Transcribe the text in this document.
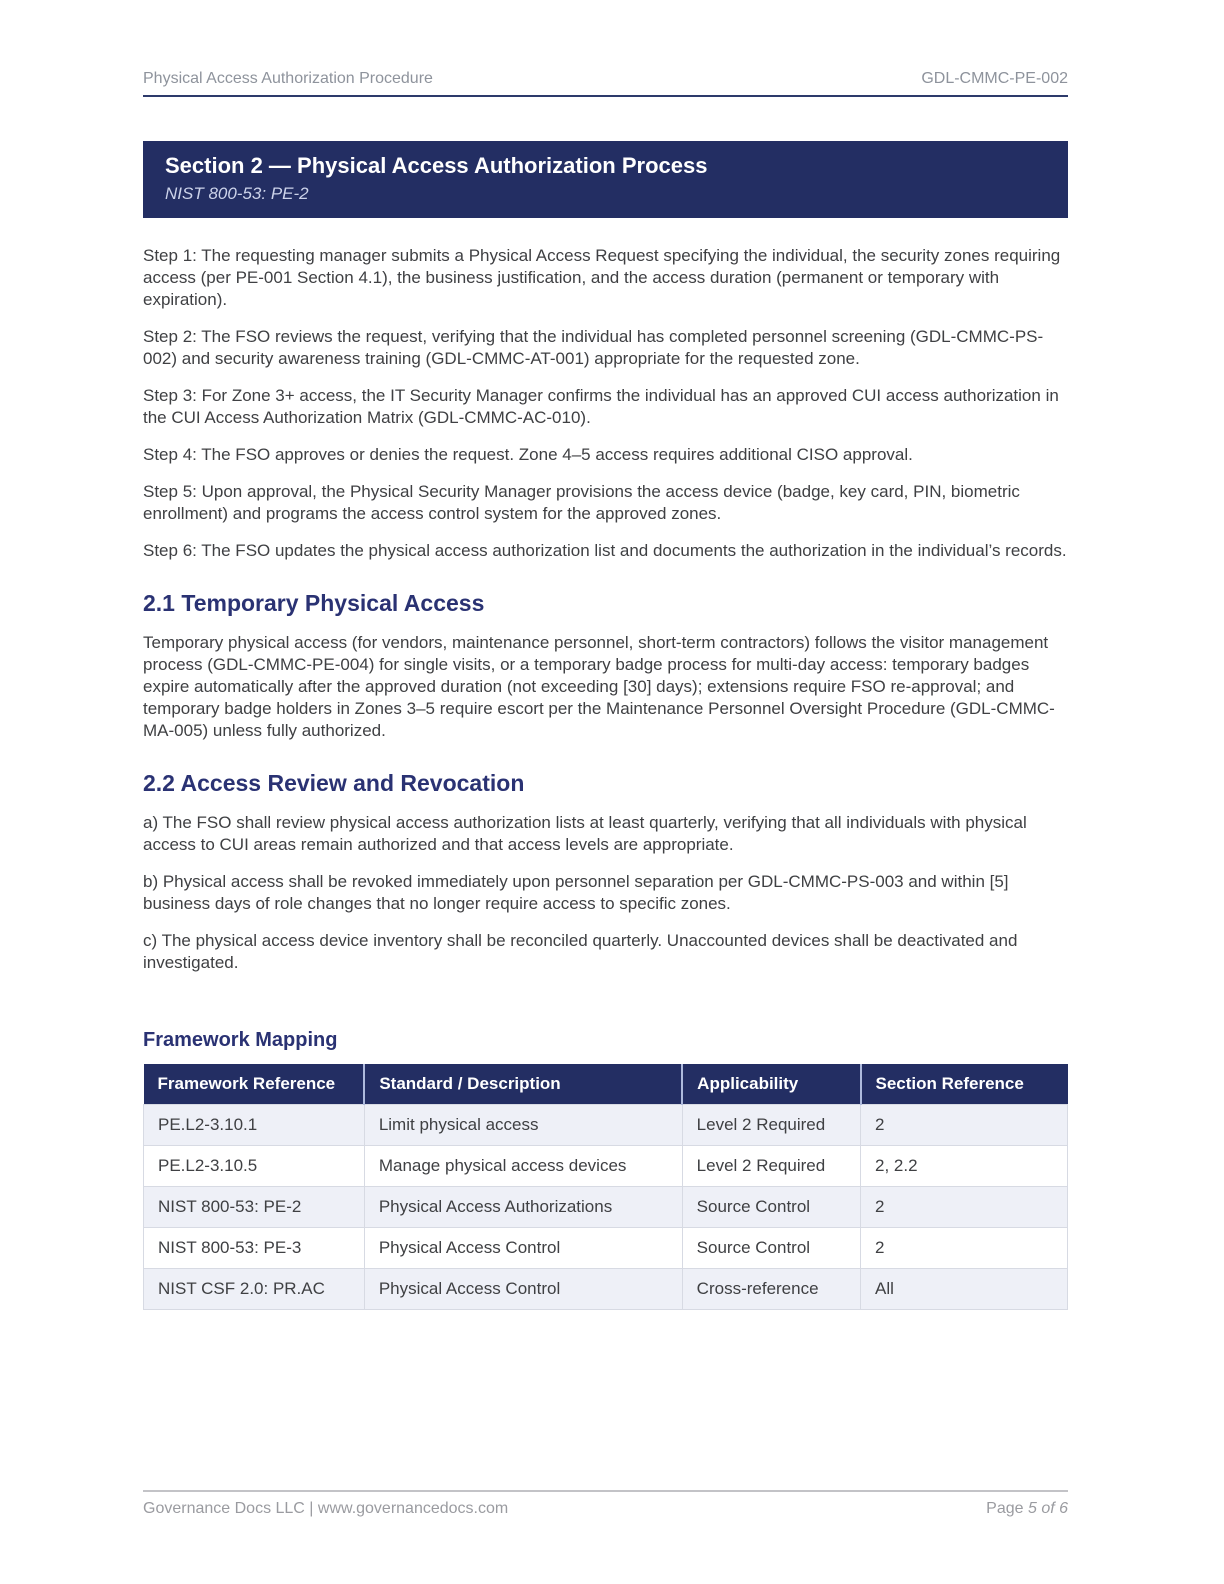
Physical Access Authorization Procedure	GDL-CMMC-PE-002
Section 2 — Physical Access Authorization Process
NIST 800-53: PE-2

Step 1: The requesting manager submits a Physical Access Request specifying the individual, the security zones requiring access (per PE-001 Section 4.1), the business justification, and the access duration (permanent or temporary with expiration).

Step 2: The FSO reviews the request, verifying that the individual has completed personnel screening (GDL-CMMC-PS-002) and security awareness training (GDL-CMMC-AT-001) appropriate for the requested zone.

Step 3: For Zone 3+ access, the IT Security Manager confirms the individual has an approved CUI access authorization in the CUI Access Authorization Matrix (GDL-CMMC-AC-010).

Step 4: The FSO approves or denies the request. Zone 4–5 access requires additional CISO approval.

Step 5: Upon approval, the Physical Security Manager provisions the access device (badge, key card, PIN, biometric enrollment) and programs the access control system for the approved zones.

Step 6: The FSO updates the physical access authorization list and documents the authorization in the individual’s records.

2.1 Temporary Physical Access

Temporary physical access (for vendors, maintenance personnel, short-term contractors) follows the visitor management process (GDL-CMMC-PE-004) for single visits, or a temporary badge process for multi-day access: temporary badges expire automatically after the approved duration (not exceeding [30] days); extensions require FSO re-approval; and temporary badge holders in Zones 3–5 require escort per the Maintenance Personnel Oversight Procedure (GDL-CMMC-MA-005) unless fully authorized.

2.2 Access Review and Revocation

a) The FSO shall review physical access authorization lists at least quarterly, verifying that all individuals with physical access to CUI areas remain authorized and that access levels are appropriate.

b) Physical access shall be revoked immediately upon personnel separation per GDL-CMMC-PS-003 and within [5] business days of role changes that no longer require access to specific zones.

c) The physical access device inventory shall be reconciled quarterly. Unaccounted devices shall be deactivated and investigated.

Framework Mapping
Framework Reference	Standard / Description	Applicability	Section Reference
PE.L2-3.10.1	Limit physical access	Level 2 Required	2
PE.L2-3.10.5	Manage physical access devices	Level 2 Required	2, 2.2
NIST 800-53: PE-2	Physical Access Authorizations	Source Control	2
NIST 800-53: PE-3	Physical Access Control	Source Control	2
NIST CSF 2.0: PR.AC	Physical Access Control	Cross-reference	All
Governance Docs LLC | www.governancedocs.com	Page 5 of 6
